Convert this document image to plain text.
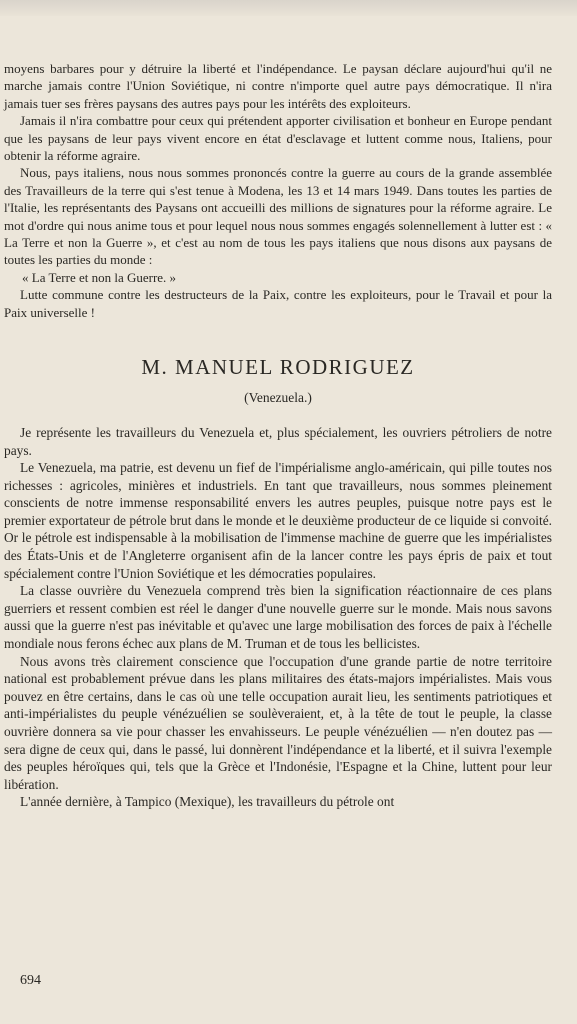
moyens barbares pour y détruire la liberté et l'indépendance. Le paysan déclare aujourd'hui qu'il ne marche jamais contre l'Union Soviétique, ni contre n'importe quel autre pays démocratique. Il n'ira jamais tuer ses frères paysans des autres pays pour les intérêts des exploiteurs.

Jamais il n'ira combattre pour ceux qui prétendent apporter civilisation et bonheur en Europe pendant que les paysans de leur pays vivent encore en état d'esclavage et luttent comme nous, Italiens, pour obtenir la réforme agraire.

Nous, pays italiens, nous nous sommes prononcés contre la guerre au cours de la grande assemblée des Travailleurs de la terre qui s'est tenue à Modena, les 13 et 14 mars 1949. Dans toutes les parties de l'Italie, les représentants des Paysans ont accueilli des millions de signatures pour la réforme agraire. Le mot d'ordre qui nous anime tous et pour lequel nous nous sommes engagés solennellement à lutter est : « La Terre et non la Guerre », et c'est au nom de tous les pays italiens que nous disons aux paysans de toutes les parties du monde :

« La Terre et non la Guerre. »

Lutte commune contre les destructeurs de la Paix, contre les exploiteurs, pour le Travail et pour la Paix universelle !

M. MANUEL RODRIGUEZ
(Venezuela.)

Je représente les travailleurs du Venezuela et, plus spécialement, les ouvriers pétroliers de notre pays.

Le Venezuela, ma patrie, est devenu un fief de l'impérialisme anglo-américain, qui pille toutes nos richesses : agricoles, minières et industriels. En tant que travailleurs, nous sommes pleinement conscients de notre immense responsabilité envers les autres peuples, puisque notre pays est le premier exportateur de pétrole brut dans le monde et le deuxième producteur de ce liquide si convoité. Or le pétrole est indispensable à la mobilisation de l'immense machine de guerre que les impérialistes des États-Unis et de l'Angleterre organisent afin de la lancer contre les pays épris de paix et tout spécialement contre l'Union Soviétique et les démocraties populaires.

La classe ouvrière du Venezuela comprend très bien la signification réactionnaire de ces plans guerriers et ressent combien est réel le danger d'une nouvelle guerre sur le monde. Mais nous savons aussi que la guerre n'est pas inévitable et qu'avec une large mobilisation des forces de paix à l'échelle mondiale nous ferons échec aux plans de M. Truman et de tous les bellicistes.

Nous avons très clairement conscience que l'occupation d'une grande partie de notre territoire national est probablement prévue dans les plans militaires des états-majors impérialistes. Mais vous pouvez en être certains, dans le cas où une telle occupation aurait lieu, les sentiments patriotiques et anti-impérialistes du peuple vénézuélien se soulèveraient, et, à la tête de tout le peuple, la classe ouvrière donnera sa vie pour chasser les envahisseurs. Le peuple vénézuélien — n'en doutez pas — sera digne de ceux qui, dans le passé, lui donnèrent l'indépendance et la liberté, et il suivra l'exemple des peuples héroïques qui, tels que la Grèce et l'Indonésie, l'Espagne et la Chine, luttent pour leur libération.

L'année dernière, à Tampico (Mexique), les travailleurs du pétrole ont

694
